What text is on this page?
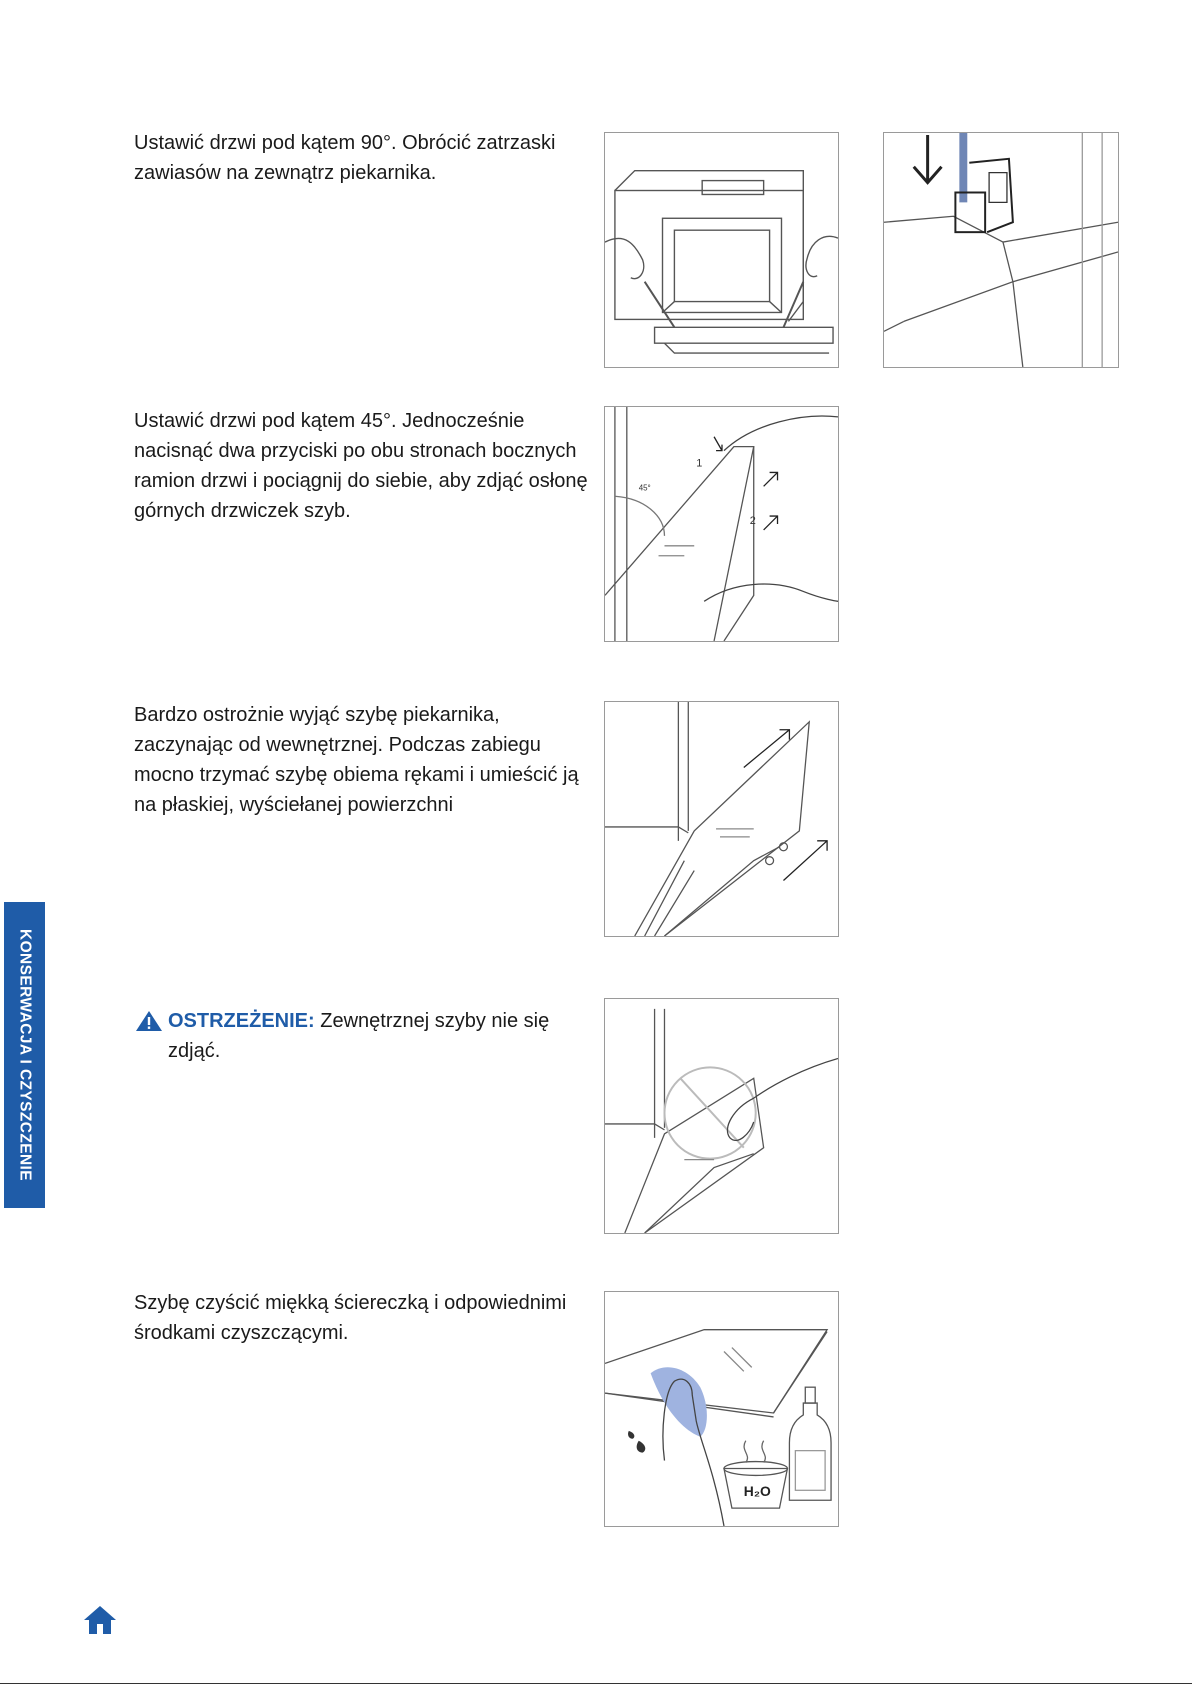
KONSERWACJA I CZYSZCZENIE

Ustawić drzwi pod kątem 90°. Obrócić zatrzaski zawiasów na zewnątrz piekarnika.

Ustawić drzwi pod kątem 45°. Jednocześnie nacisnąć dwa przyciski po obu stronach bocznych ramion drzwi i pociągnij do siebie, aby zdjąć osłonę górnych drzwiczek szyb.

45°
1
2

Bardzo ostrożnie wyjąć szybę piekarnika, zaczynając od wewnętrznej. Podczas zabiegu mocno trzymać szybę obiema rękami i umieścić ją na płaskiej, wyściełanej powierzchni

OSTRZEŻENIE: Zewnętrznej szyby nie się zdjąć.

Szybę czyścić miękką ściereczką i odpowiednimi środkami czyszczącymi.

H₂O
